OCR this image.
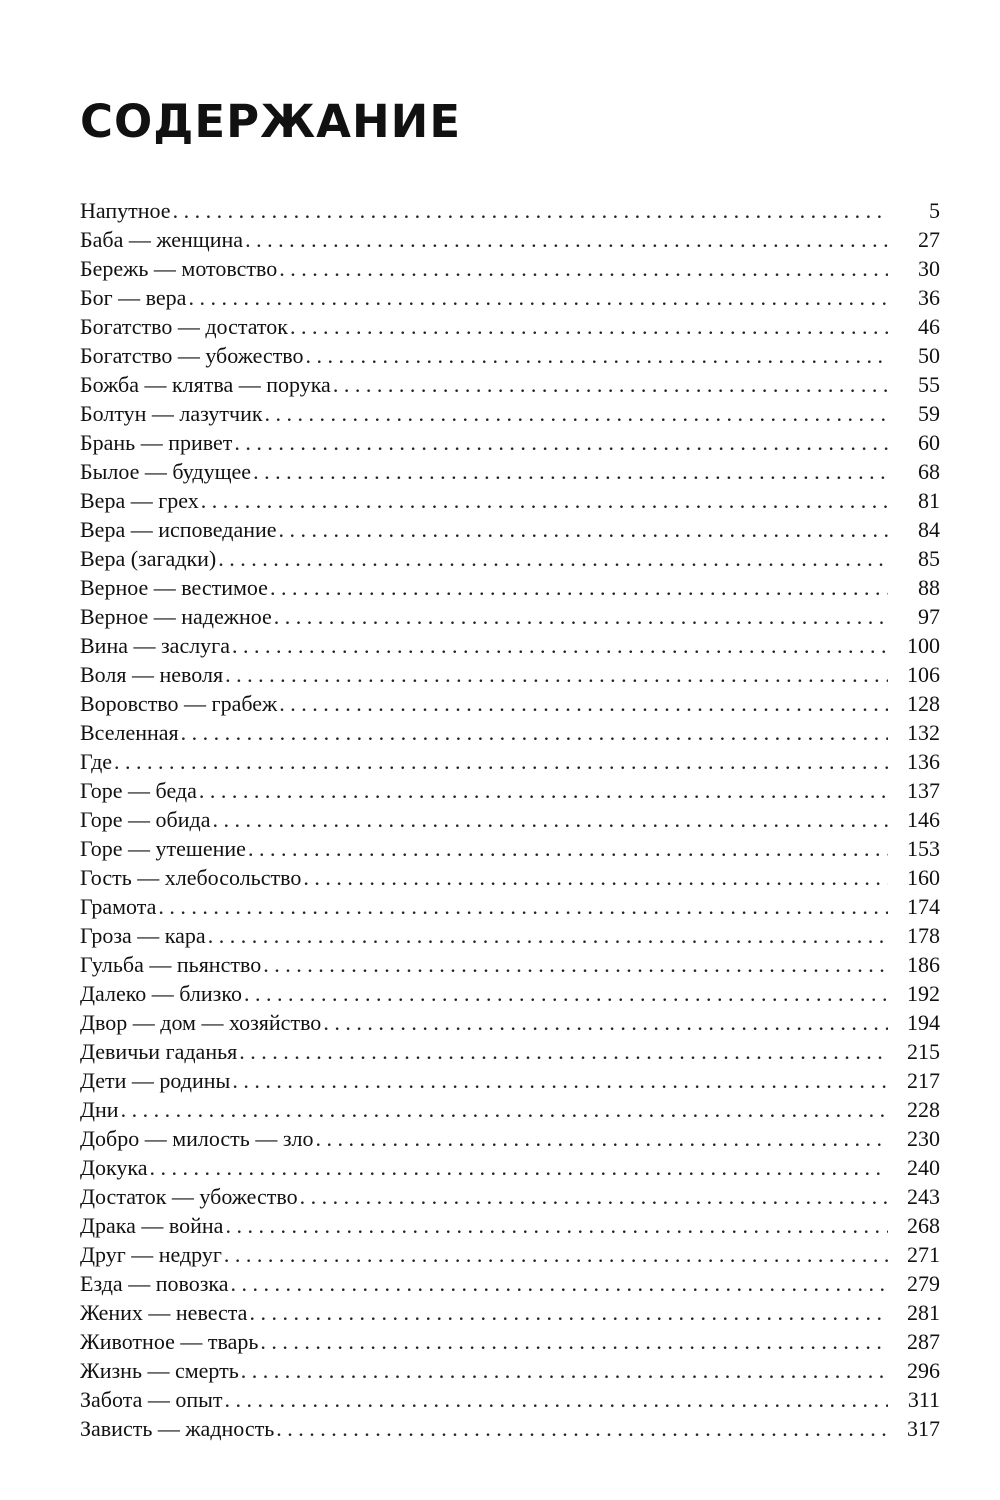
СОДЕРЖАНИЕ
Напутное . . .	5
Баба — женщина . . .	27
Бережь — мотовство . . .	30
Бог — вера . . .	36
Богатство — достаток . . .	46
Богатство — убожество . . .	50
Божба — клятва — порука . . .	55
Болтун — лазутчик . . .	59
Брань — привет . . .	60
Былое — будущее . . .	68
Вера — грех . . .	81
Вера — исповедание . . .	84
Вера (загадки) . . .	85
Верное — вестимое . . .	88
Верное — надежное . . .	97
Вина — заслуга . . .	100
Воля — неволя . . .	106
Воровство — грабеж . . .	128
Вселенная . . .	132
Где . . .	136
Горе — беда . . .	137
Горе — обида . . .	146
Горе — утешение . . .	153
Гость — хлебосольство . . .	160
Грамота . . .	174
Гроза — кара . . .	178
Гульба — пьянство . . .	186
Далеко — близко . . .	192
Двор — дом — хозяйство . . .	194
Девичьи гаданья . . .	215
Дети — родины . . .	217
Дни . . .	228
Добро — милость — зло . . .	230
Докука . . .	240
Достаток — убожество . . .	243
Драка — война . . .	268
Друг — недруг . . .	271
Езда — повозка . . .	279
Жених — невеста . . .	281
Животное — тварь . . .	287
Жизнь — смерть . . .	296
Забота — опыт . . .	311
Зависть — жадность . . .	317
